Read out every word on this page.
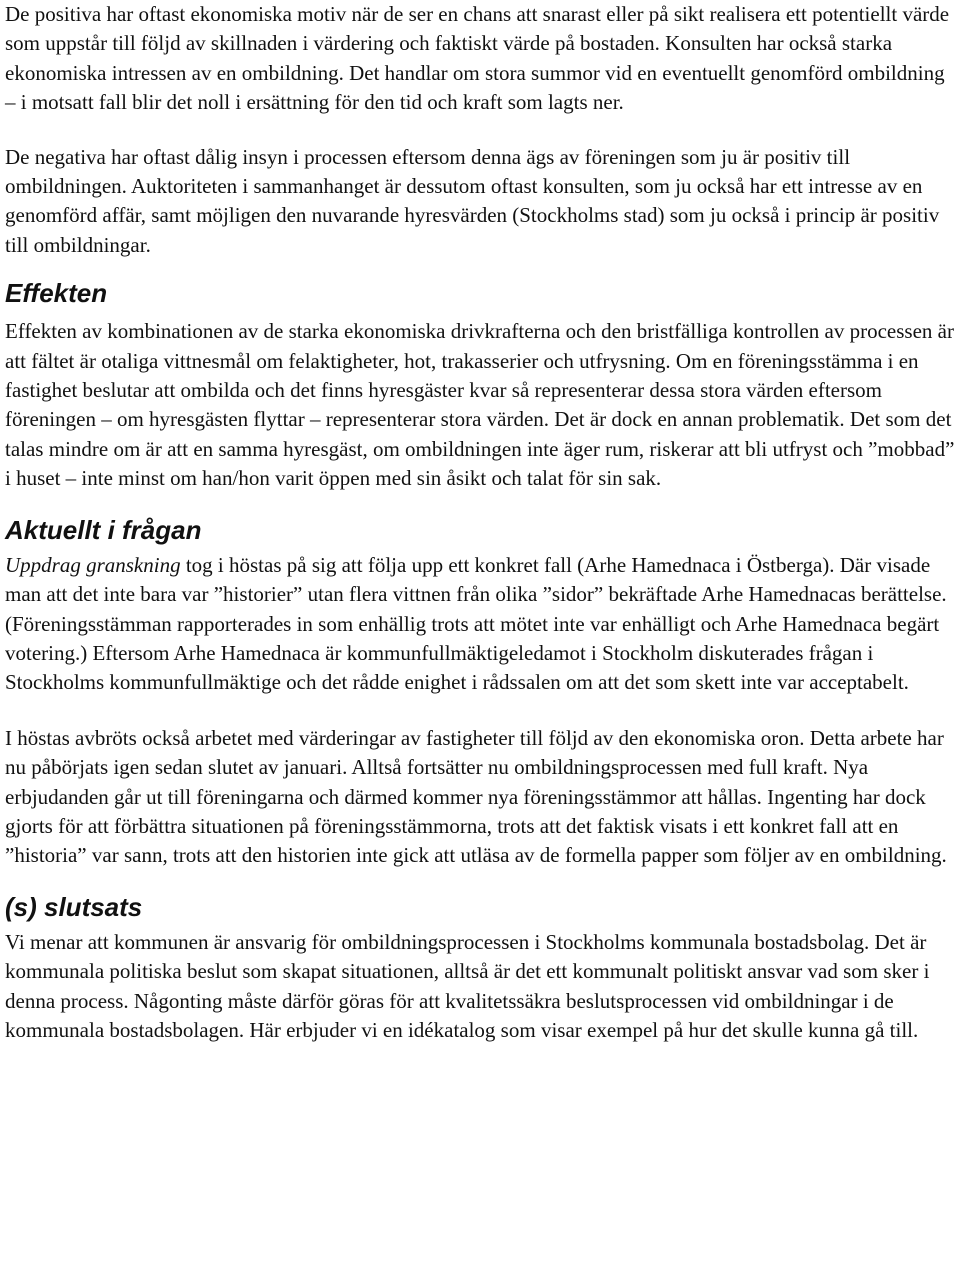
De positiva har oftast ekonomiska motiv när de ser en chans att snarast eller på sikt realisera ett potentiellt värde som uppstår till följd av skillnaden i värdering och faktiskt värde på bostaden. Konsulten har också starka ekonomiska intressen av en ombildning. Det handlar om stora summor vid en eventuellt genomförd ombildning – i motsatt fall blir det noll i ersättning för den tid och kraft som lagts ner.

De negativa har oftast dålig insyn i processen eftersom denna ägs av föreningen som ju är positiv till ombildningen. Auktoriteten i sammanhanget är dessutom oftast konsulten, som ju också har ett intresse av en genomförd affär, samt möjligen den nuvarande hyresvärden (Stockholms stad) som ju också i princip är positiv till ombildningar.

Effekten

Effekten av kombinationen av de starka ekonomiska drivkrafterna och den bristfälliga kontrollen av processen är att fältet är otaliga vittnesmål om felaktigheter, hot, trakasserier och utfrysning. Om en föreningsstämma i en fastighet beslutar att ombilda och det finns hyresgäster kvar så representerar dessa stora värden eftersom föreningen – om hyresgästen flyttar – representerar stora värden. Det är dock en annan problematik. Det som det talas mindre om är att en samma hyresgäst, om ombildningen inte äger rum, riskerar att bli utfryst och ”mobbad” i huset – inte minst om han/hon varit öppen med sin åsikt och talat för sin sak.

Aktuellt i frågan

Uppdrag granskning tog i höstas på sig att följa upp ett konkret fall (Arhe Hamednaca i Östberga). Där visade man att det inte bara var ”historier” utan flera vittnen från olika ”sidor” bekräftade Arhe Hamednacas berättelse. (Föreningsstämman rapporterades in som enhällig trots att mötet inte var enhälligt och Arhe Hamednaca begärt votering.) Eftersom Arhe Hamednaca är kommunfullmäktigeledamot i Stockholm diskuterades frågan i Stockholms kommunfullmäktige och det rådde enighet i rådssalen om att det som skett inte var acceptabelt.

I höstas avbröts också arbetet med värderingar av fastigheter till följd av den ekonomiska oron. Detta arbete har nu påbörjats igen sedan slutet av januari. Alltså fortsätter nu ombildningsprocessen med full kraft. Nya erbjudanden går ut till föreningarna och därmed kommer nya föreningsstämmor att hållas. Ingenting har dock gjorts för att förbättra situationen på föreningsstämmorna, trots att det faktisk visats i ett konkret fall att en ”historia” var sann, trots att den historien inte gick att utläsa av de formella papper som följer av en ombildning.

(s) slutsats

Vi menar att kommunen är ansvarig för ombildningsprocessen i Stockholms kommunala bostadsbolag. Det är kommunala politiska beslut som skapat situationen, alltså är det ett kommunalt politiskt ansvar vad som sker i denna process. Någonting måste därför göras för att kvalitetssäkra beslutsprocessen vid ombildningar i de kommunala bostadsbolagen. Här erbjuder vi en idékatalog som visar exempel på hur det skulle kunna gå till.
